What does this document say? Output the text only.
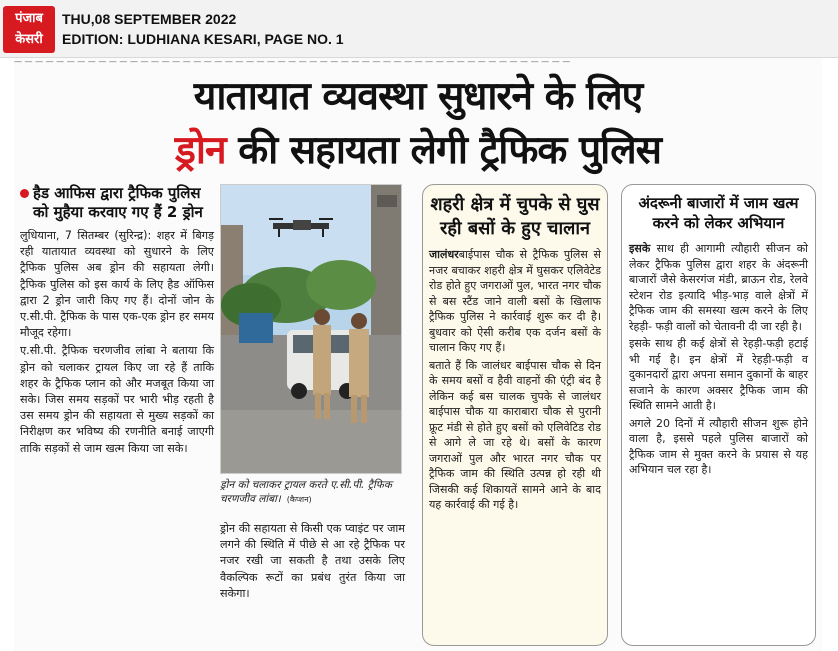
पंजाब
केसरी
THU,08 SEPTEMBER 2022
EDITION: LUDHIANA KESARI, PAGE NO. 1
— — — — — — — — — — — — — — — — — — — — — — — — — — — — — — — — — — — — — — — — — — — — — — — — — — — — —
यातायात व्यवस्था सुधारने के लिए
ड्रोन की सहायता लेगी ट्रैफिक पुलिस
हैड आफिस द्वारा ट्रैफिक पुलिस को मुहैया करवाए गए हैं 2 ड्रोन

लुधियाना, 7 सितम्बर (सुरिन्द्र): शहर में बिगड़ रही यातायात व्यवस्था को सुधारने के लिए ट्रैफिक पुलिस अब ड्रोन की सहायता लेगी। ट्रैफिक पुलिस को इस कार्य के लिए हैड ऑफिस द्वारा 2 ड्रोन जारी किए गए हैं। दोनों जोन के ए.सी.पी. ट्रैफिक के पास एक-एक ड्रोन हर समय मौजूद रहेगा।

ए.सी.पी. ट्रैफिक चरणजीव लांबा ने बताया कि ड्रोन को चलाकर ट्रायल किए जा रहे हैं ताकि शहर के ट्रैफिक प्लान को और मजबूत किया जा सके। जिस समय सड़कों पर भारी भीड़ रहती है उस समय ड्रोन की सहायता से मुख्य सड़कों का निरीक्षण कर भविष्य की रणनीति बनाई जाएगी ताकि सड़कों से जाम खत्म किया जा सके।

ड्रोन को चलाकर ट्रायल करते ए.सी.पी. ट्रैफिक चरणजीव लांबा। (कैप्शन)

ड्रोन की सहायता से किसी एक प्वाइंट पर जाम लगने की स्थिति में पीछे से आ रहे ट्रैफिक पर नजर रखी जा सकती है तथा उसके लिए वैकल्पिक रूटों का प्रबंध तुरंत किया जा सकेगा।

शहरी क्षेत्र में चुपके से घुस रही बसों के हुए चालान

जालंधरबाईपास चौक से ट्रैफिक पुलिस से नजर बचाकर शहरी क्षेत्र में घुसकर एलिवेटेड रोड होते हुए जगराओं पुल, भारत नगर चौक से बस स्टैंड जाने वाली बसों के खिलाफ ट्रैफिक पुलिस ने कार्रवाई शुरू कर दी है। बुधवार को ऐसी करीब एक दर्जन बसों के चालान किए गए हैं।

बताते हैं कि जालंधर बाईपास चौक से दिन के समय बसों व हैवी वाहनों की एंट्री बंद है लेकिन कई बस चालक चुपके से जालंधर बाईपास चौक या काराबारा चौक से पुरानी फ्रूट मंडी से होते हुए बसों को एलिवेटिड रोड से आगे ले जा रहे थे। बसों के कारण जगराओं पुल और भारत नगर चौक पर ट्रैफिक जाम की स्थिति उत्पन्न हो रही थी जिसकी कई शिकायतें सामने आने के बाद यह कार्रवाई की गई है।

अंदरूनी बाजारों में जाम खत्म करने को लेकर अभियान

इसके साथ ही आगामी त्यौहारी सीजन को लेकर ट्रैफिक पुलिस द्वारा शहर के अंदरूनी बाजारों जैसे केसरगंज मंडी, ब्राऊन रोड, रेलवे स्टेशन रोड इत्यादि भीड़-भाड़ वाले क्षेत्रों में ट्रैफिक जाम की समस्या खत्म करने के लिए रेहड़ी- फड़ी वालों को चेतावनी दी जा रही है।

इसके साथ ही कई क्षेत्रों से रेहड़ी-फड़ी हटाई भी गई है। इन क्षेत्रों में रेहड़ी-फड़ी व दुकानदारों द्वारा अपना समान दुकानों के बाहर सजाने के कारण अक्सर ट्रैफिक जाम की स्थिति सामने आती है।

अगले 20 दिनों में त्यौहारी सीजन शुरू होने वाला है, इससे पहले पुलिस बाजारों को ट्रैफिक जाम से मुक्त करने के प्रयास से यह अभियान चल रहा है।
